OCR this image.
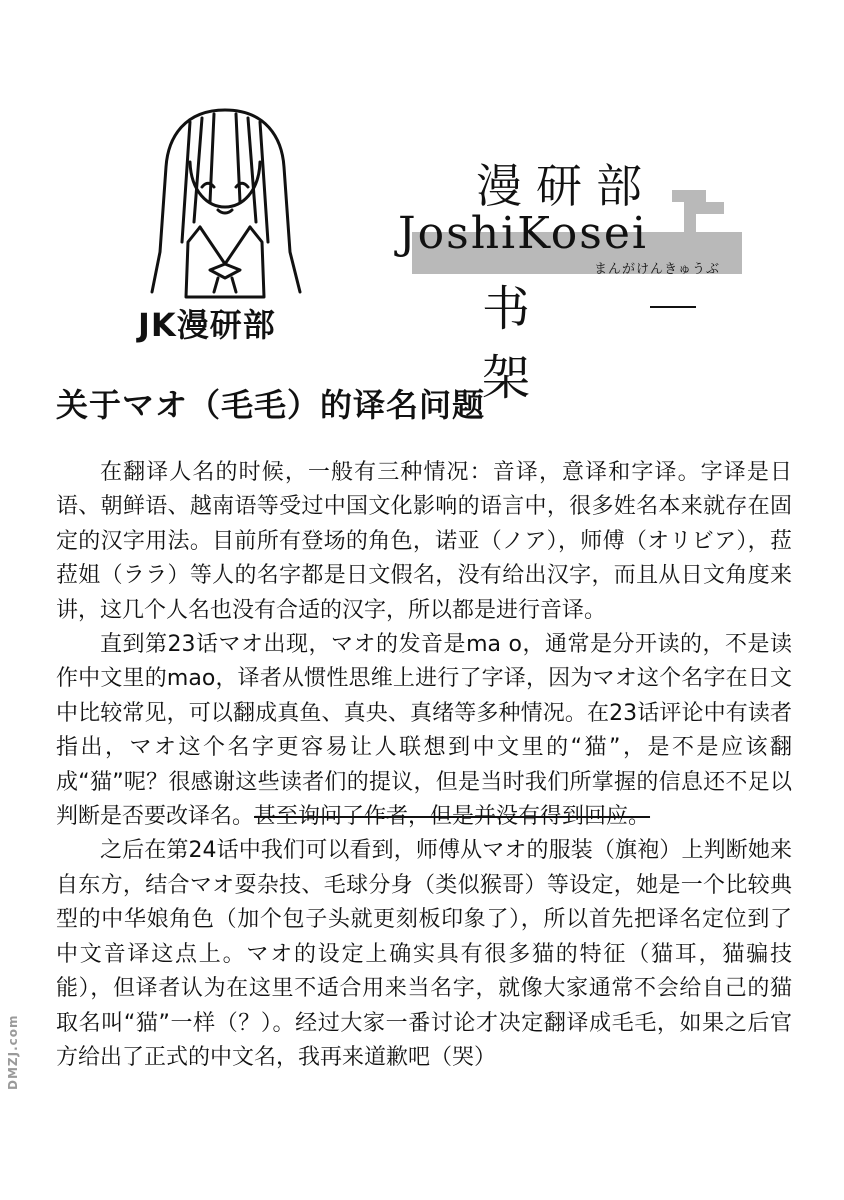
JK漫研部
漫研部
JoshiKosei
まんがけんきゅうぶ
书架
关于マオ（毛毛）的译名问题

在翻译人名的时候，一般有三种情况：音译，意译和字译。字译是日语、朝鲜语、越南语等受过中国文化影响的语言中，很多姓名本来就存在固定的汉字用法。目前所有登场的角色，诺亚（ノア），师傅（オリビア），菈菈姐（ララ）等人的名字都是日文假名，没有给出汉字，而且从日文角度来讲，这几个人名也没有合适的汉字，所以都是进行音译。

直到第23话マオ出现，マオ的发音是ma o，通常是分开读的，不是读作中文里的mao，译者从惯性思维上进行了字译，因为マオ这个名字在日文中比较常见，可以翻成真鱼、真央、真绪等多种情况。在23话评论中有读者指出，マオ这个名字更容易让人联想到中文里的“猫”，是不是应该翻成“猫”呢？很感谢这些读者们的提议，但是当时我们所掌握的信息还不足以判断是否要改译名。甚至询问了作者，但是并没有得到回应。

之后在第24话中我们可以看到，师傅从マオ的服装（旗袍）上判断她来自东方，结合マオ耍杂技、毛球分身（类似猴哥）等设定，她是一个比较典型的中华娘角色（加个包子头就更刻板印象了），所以首先把译名定位到了中文音译这点上。マオ的设定上确实具有很多猫的特征（猫耳，猫骗技能），但译者认为在这里不适合用来当名字，就像大家通常不会给自己的猫取名叫“猫”一样（？）。经过大家一番讨论才决定翻译成毛毛，如果之后官方给出了正式的中文名，我再来道歉吧（哭）

DMZJ.com
